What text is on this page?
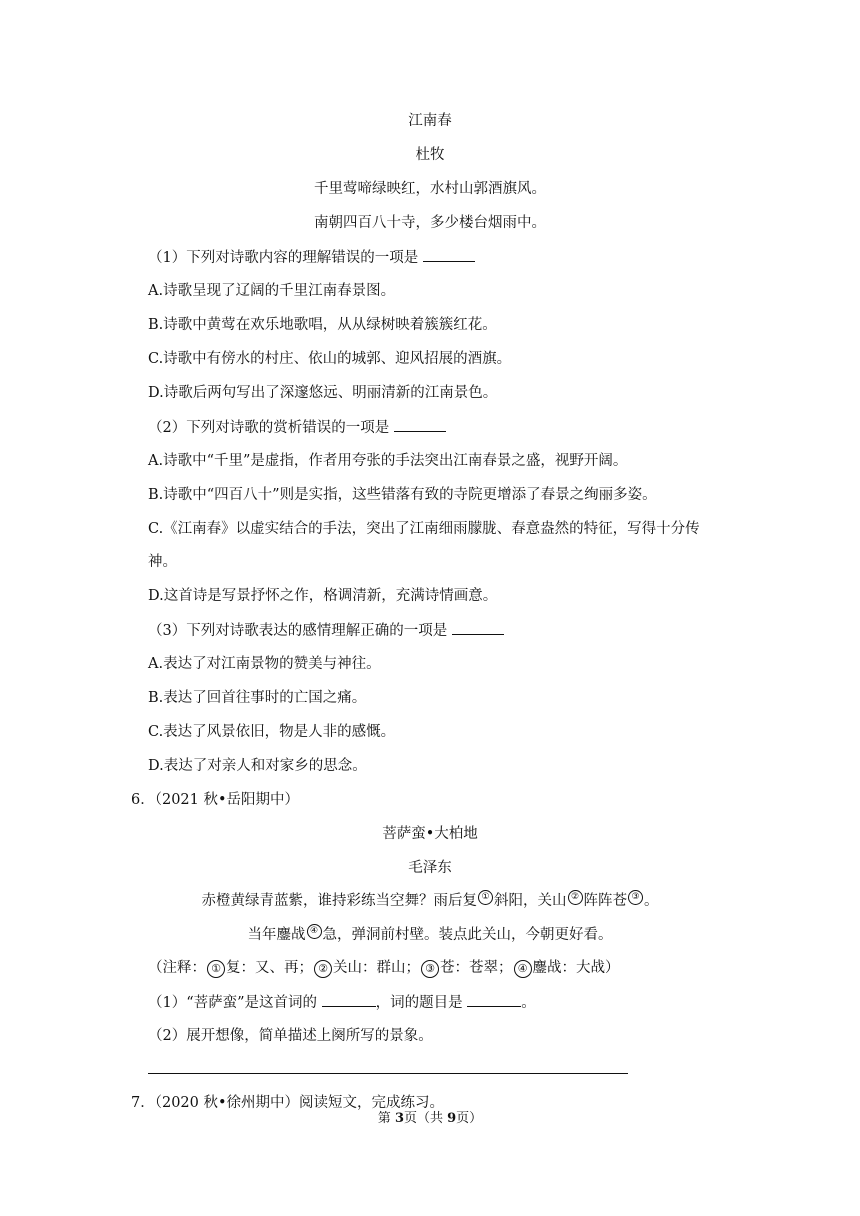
江南春
杜牧
千里莺啼绿映红，水村山郭酒旗风。
南朝四百八十寺，多少楼台烟雨中。
（1）下列对诗歌内容的理解错误的一项是
A.诗歌呈现了辽阔的千里江南春景图。
B.诗歌中黄莺在欢乐地歌唱，从从绿树映着簇簇红花。
C.诗歌中有傍水的村庄、依山的城郭、迎风招展的酒旗。
D.诗歌后两句写出了深邃悠远、明丽清新的江南景色。
（2）下列对诗歌的赏析错误的一项是
A.诗歌中“千里”是虚指，作者用夸张的手法突出江南春景之盛，视野开阔。
B.诗歌中“四百八十”则是实指，这些错落有致的寺院更增添了春景之绚丽多姿。
C.《江南春》以虚实结合的手法，突出了江南细雨朦胧、春意盎然的特征，写得十分传
神。
D.这首诗是写景抒怀之作，格调清新，充满诗情画意。
（3）下列对诗歌表达的感情理解正确的一项是
A.表达了对江南景物的赞美与神往。
B.表达了回首往事时的亡国之痛。
C.表达了风景依旧，物是人非的感慨。
D.表达了对亲人和对家乡的思念。
6．（2021 秋•岳阳期中）
菩萨蛮•大柏地
毛泽东
赤橙黄绿青蓝紫，谁持彩练当空舞？雨后复 ① 斜阳，关山 ② 阵阵苍 ③ 。
当年鏖战 ④ 急，弹洞前村壁。装点此关山，今朝更好看。
（注释： ① 复：又、再； ② 关山：群山； ③ 苍：苍翠； ④ 鏖战：大战）
（1）“菩萨蛮”是这首词的	，词的题目是	。
（2）展开想像，简单描述上阕所写的景象。
7．（2020 秋•徐州期中）阅读短文，完成练习。
第 3页（共 9页）
